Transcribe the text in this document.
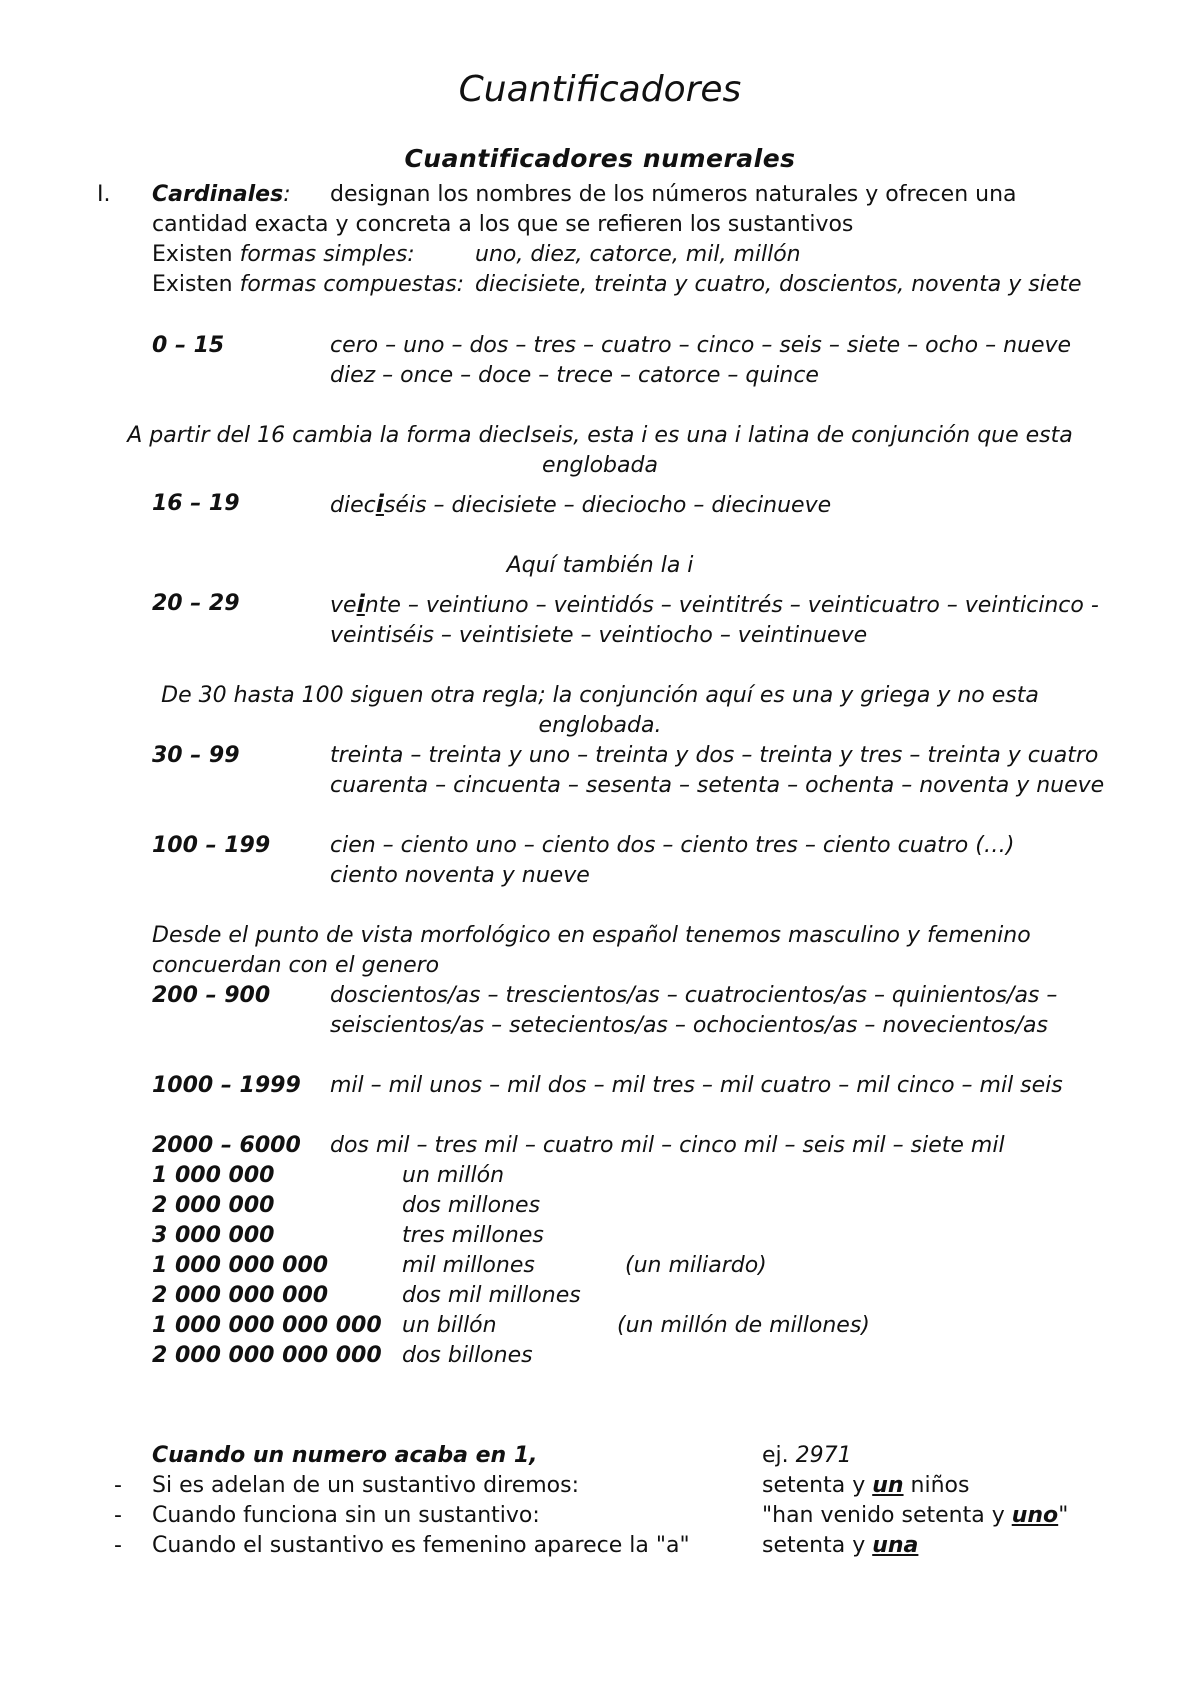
Cuantificadores
Cuantificadores numerales
I. Cardinales: designan los nombres de los números naturales y ofrecen una
cantidad exacta y concreta a los que se refieren los sustantivos
Existen formas simples:	uno, diez, catorce, mil, millón
Existen formas compuestas: diecisiete, treinta y cuatro, doscientos, noventa y siete
0 – 15	cero – uno – dos – tres – cuatro – cinco – seis – siete – ocho – nueve
diez – once – doce – trece – catorce – quince
A partir del 16 cambia la forma diecIseis, esta i es una i latina de conjunción que esta
englobada
16 – 19	dieciséis – diecisiete – dieciocho – diecinueve
Aquí también la i
20 – 29	veinte – veintiuno – veintidós – veintitrés – veinticuatro – veinticinco -
veintiséis – veintisiete – veintiocho – veintinueve
De 30 hasta 100 siguen otra regla; la conjunción aquí es una y griega y no esta
englobada.
30 – 99	treinta – treinta y uno – treinta y dos – treinta y tres – treinta y cuatro
cuarenta – cincuenta – sesenta – setenta – ochenta – noventa y nueve
100 – 199	cien – ciento uno – ciento dos – ciento tres – ciento cuatro (…)
ciento noventa y nueve
Desde el punto de vista morfológico en español tenemos masculino y femenino
concuerdan con el genero
200 – 900	doscientos/as – trescientos/as – cuatrocientos/as – quinientos/as –
seiscientos/as – setecientos/as – ochocientos/as – novecientos/as
1000 – 1999 mil – mil unos – mil dos – mil tres – mil cuatro – mil cinco – mil seis
2000 – 6000 dos mil – tres mil – cuatro mil – cinco mil – seis mil – siete mil
1 000 000	un millón
2 000 000	dos millones
3 000 000	tres millones
1 000 000 000	mil millones	(un miliardo)
2 000 000 000	dos mil millones
1 000 000 000 000 un billón	(un millón de millones)
2 000 000 000 000 dos billones
Cuando un numero acaba en 1,	ej. 2971
- Si es adelan de un sustantivo diremos:	setenta y un niños
- Cuando funciona sin un sustantivo:	"han venido setenta y uno"
- Cuando el sustantivo es femenino aparece la "a"	setenta y una
